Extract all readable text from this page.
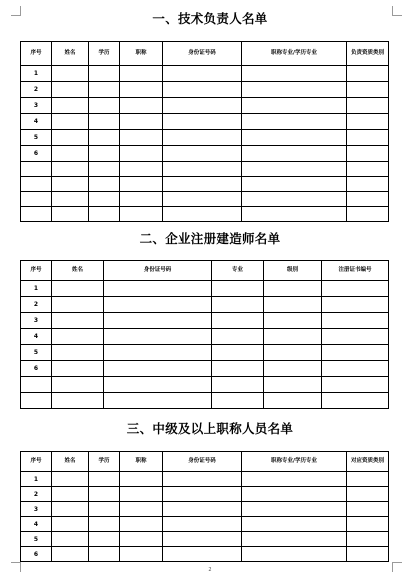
一、技术负责人名单
序号	姓名	学历	职称	身份证号码	职称专业/学历专业	负责资质类别
1						
2						
3						
4						
5						
6						

二、企业注册建造师名单
序号	姓名	身份证号码	专业	级别	注册证书编号
1					
2					
3					
4					
5					
6					

三、中级及以上职称人员名单
序号	姓名	学历	职称	身份证号码	职称专业/学历专业	对应资质类别
1						
2						
3						
4						
5						
6						
2
